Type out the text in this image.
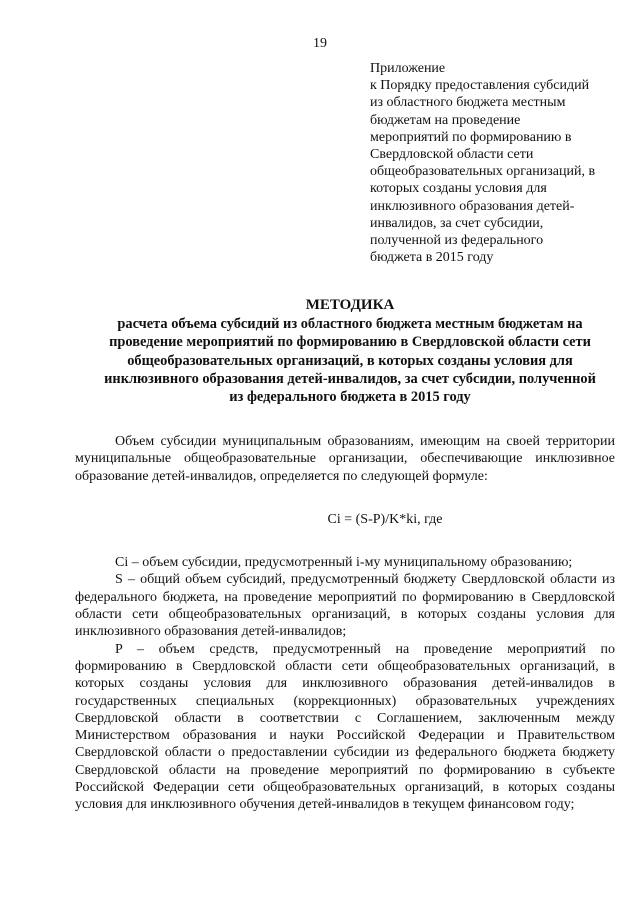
19
Приложение
к Порядку предоставления субсидий
из областного бюджета местным
бюджетам на проведение
мероприятий по формированию в
Свердловской области сети
общеобразовательных организаций, в
которых созданы условия для
инклюзивного образования детей-
инвалидов, за счет субсидии,
полученной из федерального
бюджета в 2015 году
МЕТОДИКА
расчета объема субсидий из областного бюджета местным бюджетам на
проведение мероприятий по формированию в Свердловской области сети
общеобразовательных организаций, в которых созданы условия для
инклюзивного образования детей-инвалидов, за счет субсидии, полученной
из федерального бюджета в 2015 году

Объем субсидии муниципальным образованиям, имеющим на своей территории муниципальные общеобразовательные организации, обеспечивающие инклюзивное образование детей-инвалидов, определяется по следующей формуле:

Ci = (S-P)/K*ki, где

Ci – объем субсидии, предусмотренный i-му муниципальному образованию;

S – общий объем субсидий, предусмотренный бюджету Свердловской области из федерального бюджета, на проведение мероприятий по формированию в Свердловской области сети общеобразовательных организаций, в которых созданы условия для инклюзивного образования детей-инвалидов;

P – объем средств, предусмотренный на проведение мероприятий по формированию в Свердловской области сети общеобразовательных организаций, в которых созданы условия для инклюзивного образования детей-инвалидов в государственных специальных (коррекционных) образовательных учреждениях Свердловской области в соответствии с Соглашением, заключенным между Министерством образования и науки Российской Федерации и Правительством Свердловской области о предоставлении субсидии из федерального бюджета бюджету Свердловской области на проведение мероприятий по формированию в субъекте Российской Федерации сети общеобразовательных организаций, в которых созданы условия для инклюзивного обучения детей-инвалидов в текущем финансовом году;
